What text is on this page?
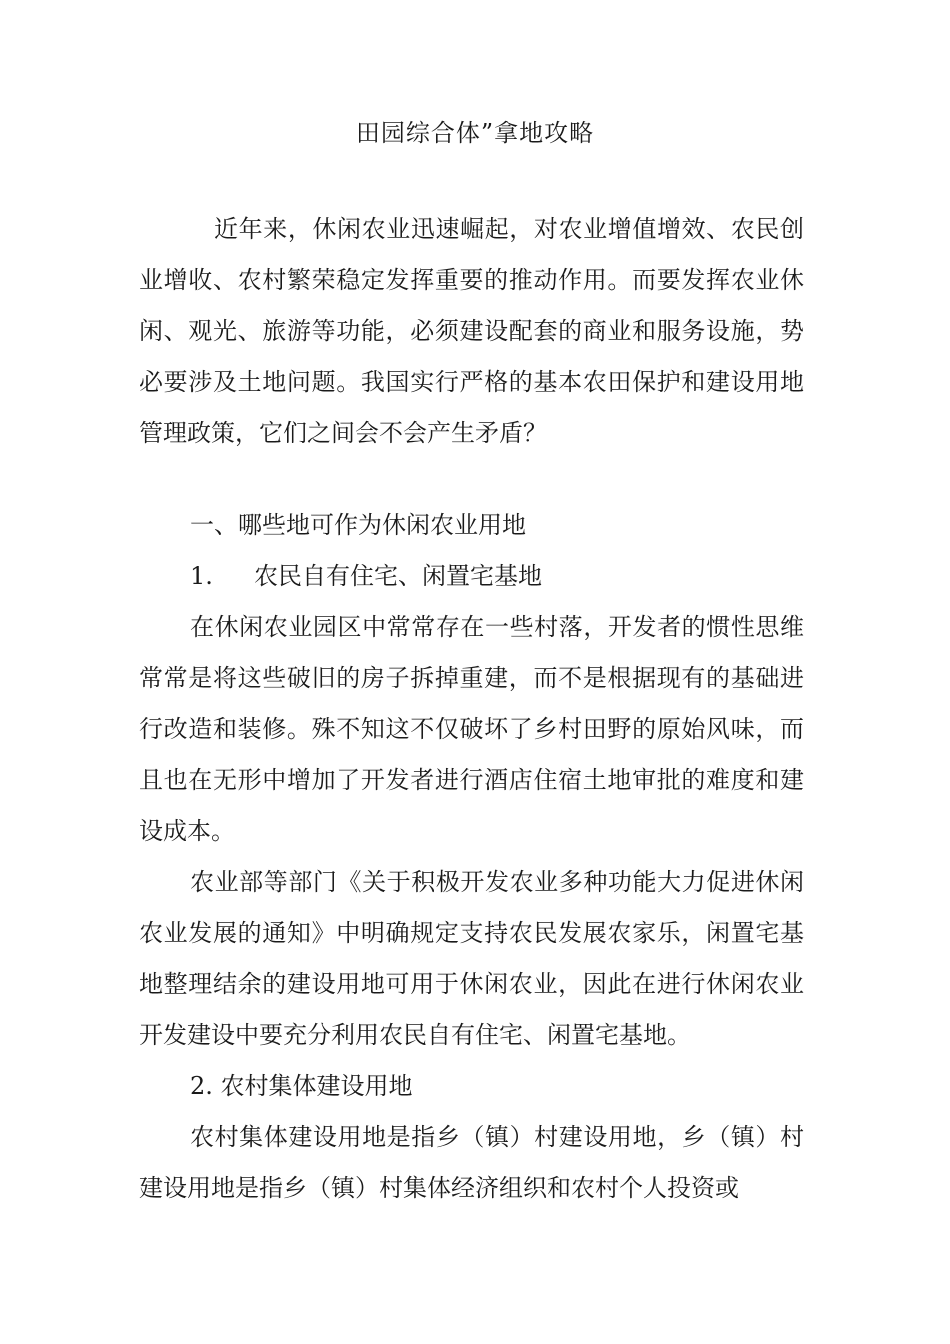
田园综合体”拿地攻略

近年来，休闲农业迅速崛起，对农业增值增效、农民创业增收、农村繁荣稳定发挥重要的推动作用。而要发挥农业休闲、观光、旅游等功能，必须建设配套的商业和服务设施，势必要涉及土地问题。我国实行严格的基本农田保护和建设用地管理政策，它们之间会不会产生矛盾？

一、哪些地可作为休闲农业用地

1. 农民自有住宅、闲置宅基地

在休闲农业园区中常常存在一些村落，开发者的惯性思维常常是将这些破旧的房子拆掉重建，而不是根据现有的基础进行改造和装修。殊不知这不仅破坏了乡村田野的原始风味，而且也在无形中增加了开发者进行酒店住宿土地审批的难度和建设成本。

农业部等部门《关于积极开发农业多种功能大力促进休闲农业发展的通知》中明确规定支持农民发展农家乐，闲置宅基地整理结余的建设用地可用于休闲农业，因此在进行休闲农业开发建设中要充分利用农民自有住宅、闲置宅基地。

2. 农村集体建设用地

农村集体建设用地是指乡（镇）村建设用地，乡（镇）村建设用地是指乡（镇）村集体经济组织和农村个人投资或
